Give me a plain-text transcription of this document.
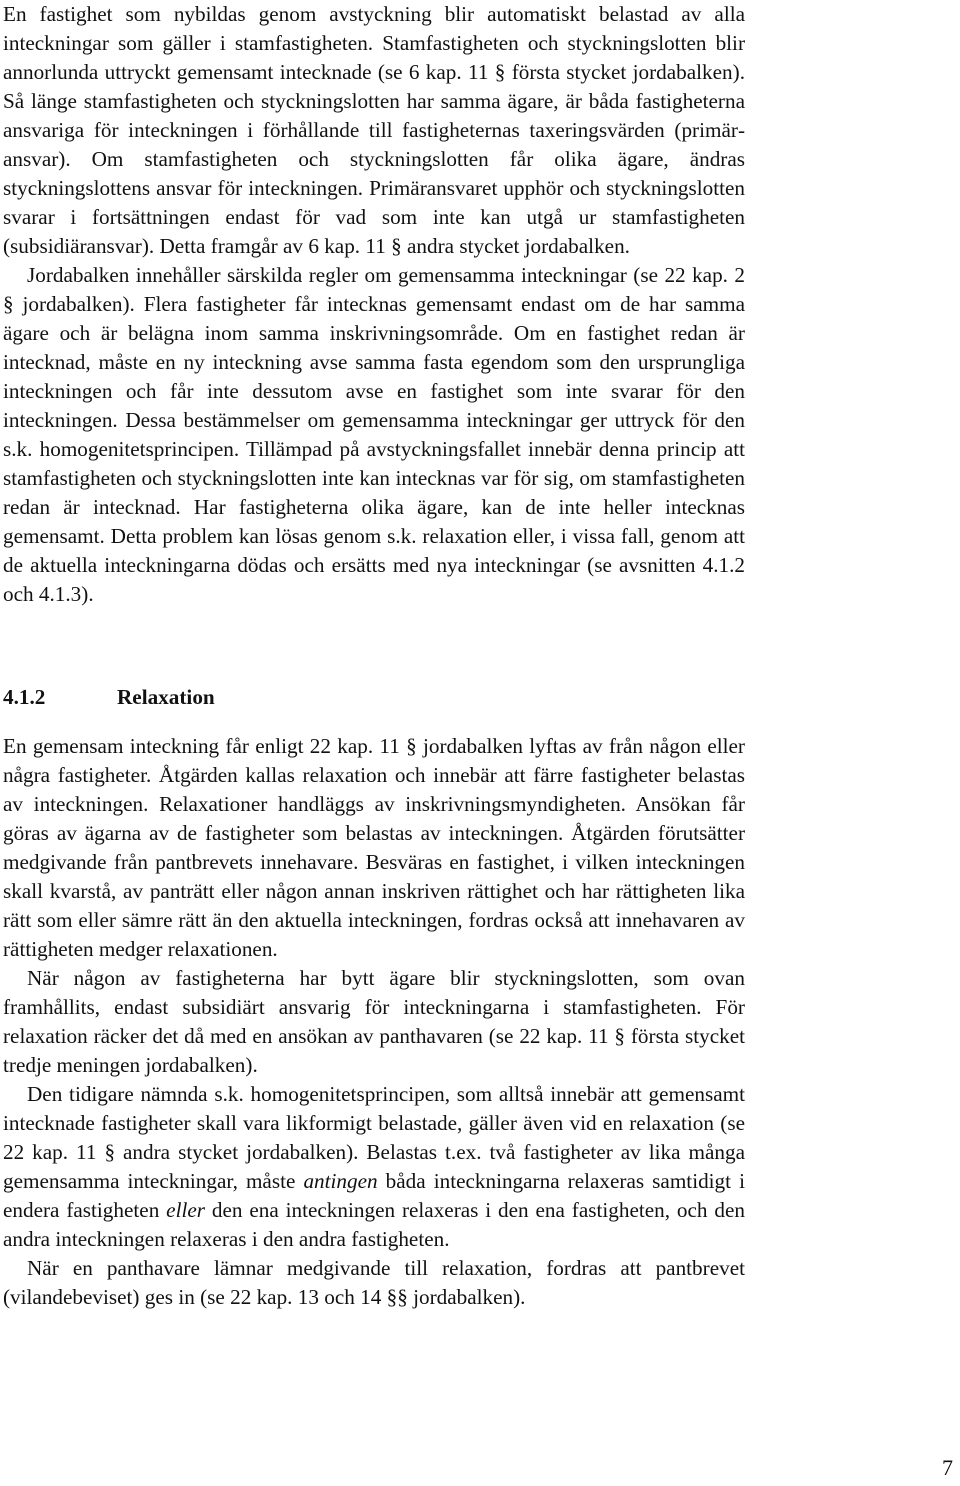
En fastighet som nybildas genom avstyckning blir automatiskt belastad av alla inteckningar som gäller i stamfastigheten. Stamfastigheten och styckningslotten blir annorlunda uttryckt gemensamt intecknade (se 6 kap. 11 § första stycket jordabalken). Så länge stamfastigheten och styckningslotten har samma ägare, är båda fastigheterna ansvariga för inteckningen i förhållande till fastigheternas taxeringsvärden (primäransvar). Om stamfastigheten och styckningslotten får olika ägare, ändras styckningslottens ansvar för inteckningen. Primäransvaret upphör och styckningslotten svarar i fortsättningen endast för vad som inte kan utgå ur stamfastigheten (subsidiäransvar). Detta framgår av 6 kap. 11 § andra stycket jordabalken.

Jordabalken innehåller särskilda regler om gemensamma inteckningar (se 22 kap. 2 § jordabalken). Flera fastigheter får intecknas gemensamt endast om de har samma ägare och är belägna inom samma inskrivningsområde. Om en fastighet redan är intecknad, måste en ny inteckning avse samma fasta egendom som den ursprungliga inteckningen och får inte dessutom avse en fastighet som inte svarar för den inteckningen. Dessa bestämmelser om gemensamma inteckningar ger uttryck för den s.k. homogenitetsprincipen. Tillämpad på avstyckningsfallet innebär denna princip att stamfastigheten och styckningslotten inte kan intecknas var för sig, om stamfastigheten redan är intecknad. Har fastigheterna olika ägare, kan de inte heller intecknas gemensamt. Detta problem kan lösas genom s.k. relaxation eller, i vissa fall, genom att de aktuella inteckningarna dödas och ersätts med nya inteckningar (se avsnitten 4.1.2 och 4.1.3).

4.1.2	Relaxation

En gemensam inteckning får enligt 22 kap. 11 § jordabalken lyftas av från någon eller några fastigheter. Åtgärden kallas relaxation och innebär att färre fastigheter belastas av inteckningen. Relaxationer handläggs av inskrivningsmyndigheten. Ansökan får göras av ägarna av de fastigheter som belastas av inteckningen. Åtgärden förutsätter medgivande från pantbrevets innehavare. Besväras en fastighet, i vilken inteckningen skall kvarstå, av panträtt eller någon annan inskriven rättighet och har rättigheten lika rätt som eller sämre rätt än den aktuella inteckningen, fordras också att innehavaren av rättigheten medger relaxationen.

När någon av fastigheterna har bytt ägare blir styckningslotten, som ovan framhållits, endast subsidiärt ansvarig för inteckningarna i stamfastigheten. För relaxation räcker det då med en ansökan av panthavaren (se 22 kap. 11 § första stycket tredje meningen jordabalken).

Den tidigare nämnda s.k. homogenitetsprincipen, som alltså innebär att gemensamt intecknade fastigheter skall vara likformigt belastade, gäller även vid en relaxation (se 22 kap. 11 § andra stycket jordabalken). Belastas t.ex. två fastigheter av lika många gemensamma inteckningar, måste antingen båda inteckningarna relaxeras samtidigt i endera fastigheten eller den ena inteckningen relaxeras i den ena fastigheten, och den andra inteckningen relaxeras i den andra fastigheten.

När en panthavare lämnar medgivande till relaxation, fordras att pantbrevet (vilandebeviset) ges in (se 22 kap. 13 och 14 §§ jordabalken).

7
